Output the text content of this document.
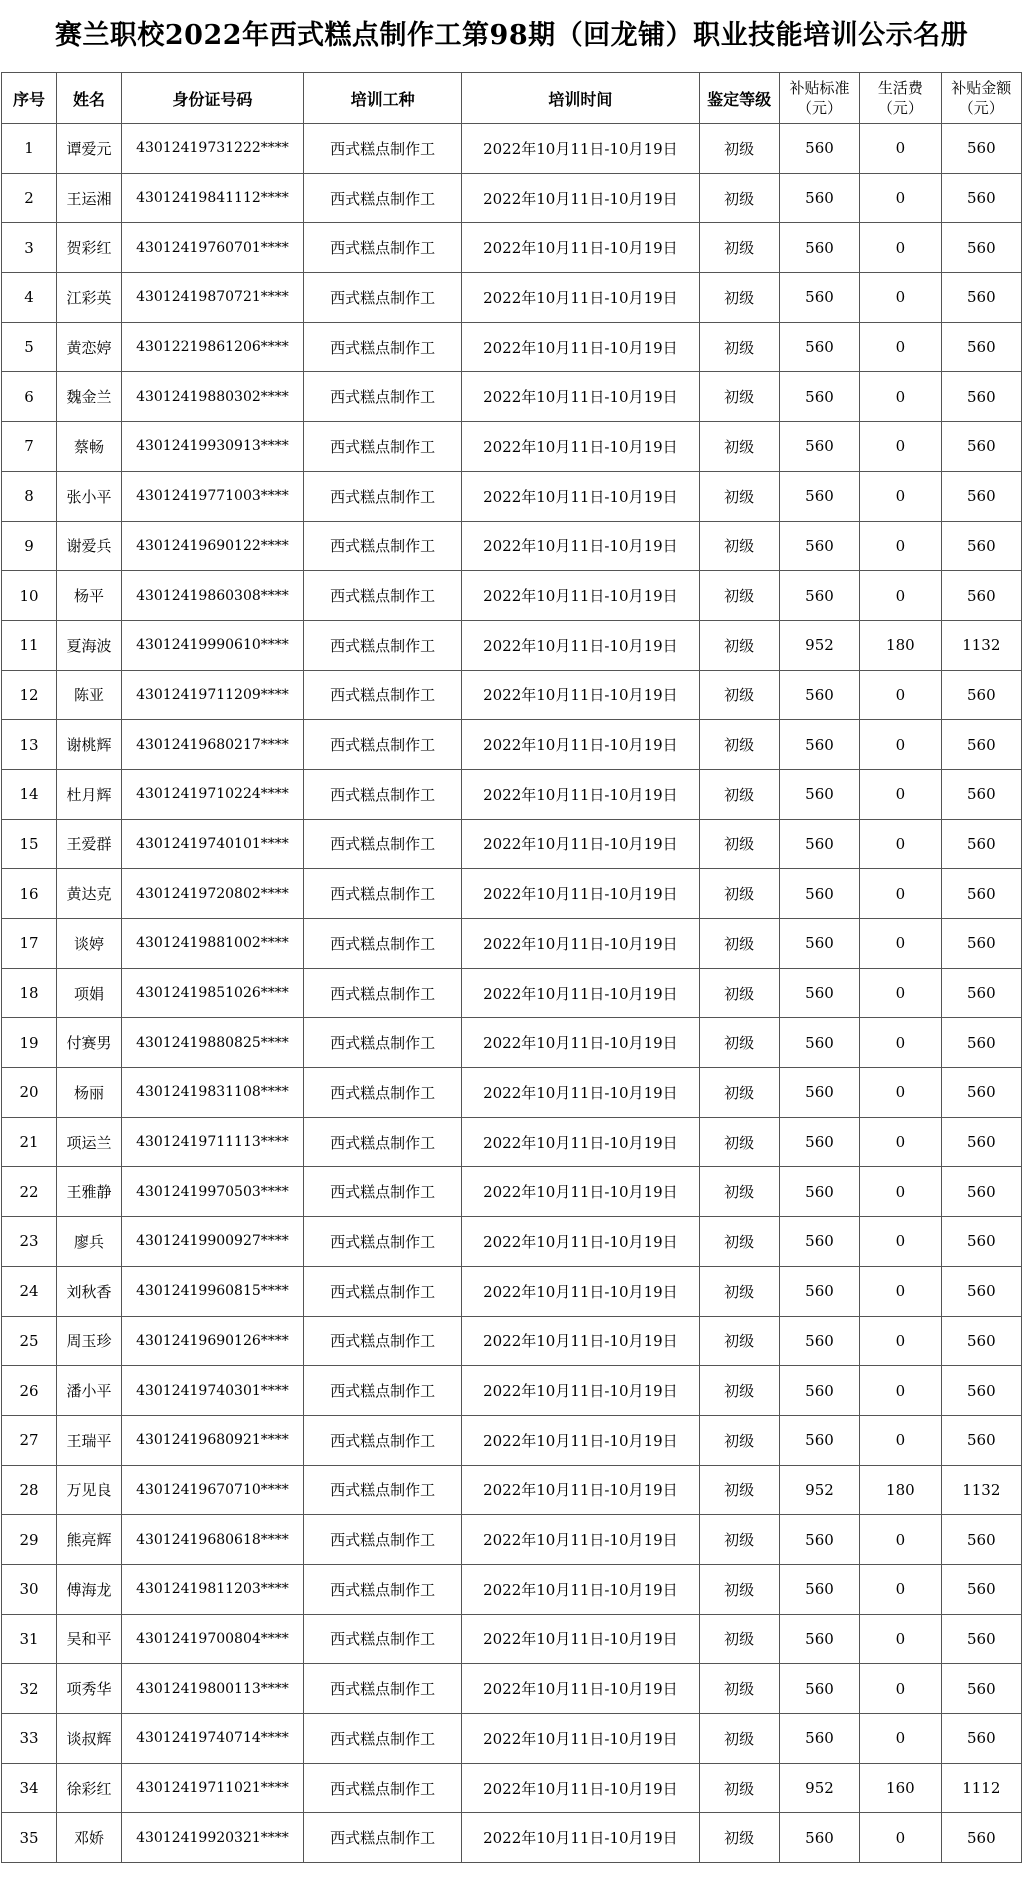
赛兰职校2022年西式糕点制作工第98期（回龙铺）职业技能培训公示名册
序号	姓名	身份证号码	培训工种	培训时间	鉴定等级	补贴标准（元）	生活费（元）	补贴金额（元）
1	谭爱元	43012419731222****	西式糕点制作工	2022年10月11日-10月19日	初级	560	0	560
2	王运湘	43012419841112****	西式糕点制作工	2022年10月11日-10月19日	初级	560	0	560
3	贺彩红	43012419760701****	西式糕点制作工	2022年10月11日-10月19日	初级	560	0	560
4	江彩英	43012419870721****	西式糕点制作工	2022年10月11日-10月19日	初级	560	0	560
5	黄恋婷	43012219861206****	西式糕点制作工	2022年10月11日-10月19日	初级	560	0	560
6	魏金兰	43012419880302****	西式糕点制作工	2022年10月11日-10月19日	初级	560	0	560
7	蔡畅	43012419930913****	西式糕点制作工	2022年10月11日-10月19日	初级	560	0	560
8	张小平	43012419771003****	西式糕点制作工	2022年10月11日-10月19日	初级	560	0	560
9	谢爱兵	43012419690122****	西式糕点制作工	2022年10月11日-10月19日	初级	560	0	560
10	杨平	43012419860308****	西式糕点制作工	2022年10月11日-10月19日	初级	560	0	560
11	夏海波	43012419990610****	西式糕点制作工	2022年10月11日-10月19日	初级	952	180	1132
12	陈亚	43012419711209****	西式糕点制作工	2022年10月11日-10月19日	初级	560	0	560
13	谢桃辉	43012419680217****	西式糕点制作工	2022年10月11日-10月19日	初级	560	0	560
14	杜月辉	43012419710224****	西式糕点制作工	2022年10月11日-10月19日	初级	560	0	560
15	王爱群	43012419740101****	西式糕点制作工	2022年10月11日-10月19日	初级	560	0	560
16	黄达克	43012419720802****	西式糕点制作工	2022年10月11日-10月19日	初级	560	0	560
17	谈婷	43012419881002****	西式糕点制作工	2022年10月11日-10月19日	初级	560	0	560
18	项娟	43012419851026****	西式糕点制作工	2022年10月11日-10月19日	初级	560	0	560
19	付赛男	43012419880825****	西式糕点制作工	2022年10月11日-10月19日	初级	560	0	560
20	杨丽	43012419831108****	西式糕点制作工	2022年10月11日-10月19日	初级	560	0	560
21	项运兰	43012419711113****	西式糕点制作工	2022年10月11日-10月19日	初级	560	0	560
22	王雅静	43012419970503****	西式糕点制作工	2022年10月11日-10月19日	初级	560	0	560
23	廖兵	43012419900927****	西式糕点制作工	2022年10月11日-10月19日	初级	560	0	560
24	刘秋香	43012419960815****	西式糕点制作工	2022年10月11日-10月19日	初级	560	0	560
25	周玉珍	43012419690126****	西式糕点制作工	2022年10月11日-10月19日	初级	560	0	560
26	潘小平	43012419740301****	西式糕点制作工	2022年10月11日-10月19日	初级	560	0	560
27	王瑞平	43012419680921****	西式糕点制作工	2022年10月11日-10月19日	初级	560	0	560
28	万见良	43012419670710****	西式糕点制作工	2022年10月11日-10月19日	初级	952	180	1132
29	熊亮辉	43012419680618****	西式糕点制作工	2022年10月11日-10月19日	初级	560	0	560
30	傅海龙	43012419811203****	西式糕点制作工	2022年10月11日-10月19日	初级	560	0	560
31	吴和平	43012419700804****	西式糕点制作工	2022年10月11日-10月19日	初级	560	0	560
32	项秀华	43012419800113****	西式糕点制作工	2022年10月11日-10月19日	初级	560	0	560
33	谈叔辉	43012419740714****	西式糕点制作工	2022年10月11日-10月19日	初级	560	0	560
34	徐彩红	43012419711021****	西式糕点制作工	2022年10月11日-10月19日	初级	952	160	1112
35	邓娇	43012419920321****	西式糕点制作工	2022年10月11日-10月19日	初级	560	0	560
